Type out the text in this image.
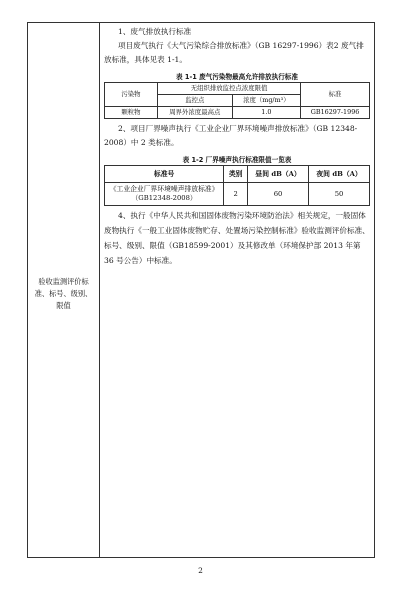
验收监测评价标准、标号、级别、限值

1、废气排放执行标准

项目废气执行《大气污染综合排放标准》（GB 16297-1996）表2 废气排放标准，具体见表 1-1。

表 1-1 废气污染物最高允许排放执行标准
污染物	无组织排放监控点浓度限值		标准
	监控点	浓度（mg/m³）	
颗粒物	周界外浓度最高点	1.0	GB16297-1996

2、项目厂界噪声执行《工业企业厂界环境噪声排放标准》（GB 12348-2008）中 2 类标准。

表 1-2 厂界噪声执行标准限值一览表
标准号	类别	昼间 dB（A）	夜间 dB（A）
《工业企业厂界环境噪声排放标准》（GB12348-2008）	2	60	50

4、执行《中华人民共和国固体废物污染环境防治法》相关规定，一般固体废物执行《一般工业固体废物贮存、处置场污染控制标准》验收监测评价标准、标号、级别、限值（GB18599-2001）及其修改单（环境保护部 2013 年第 36 号公告）中标准。

2
